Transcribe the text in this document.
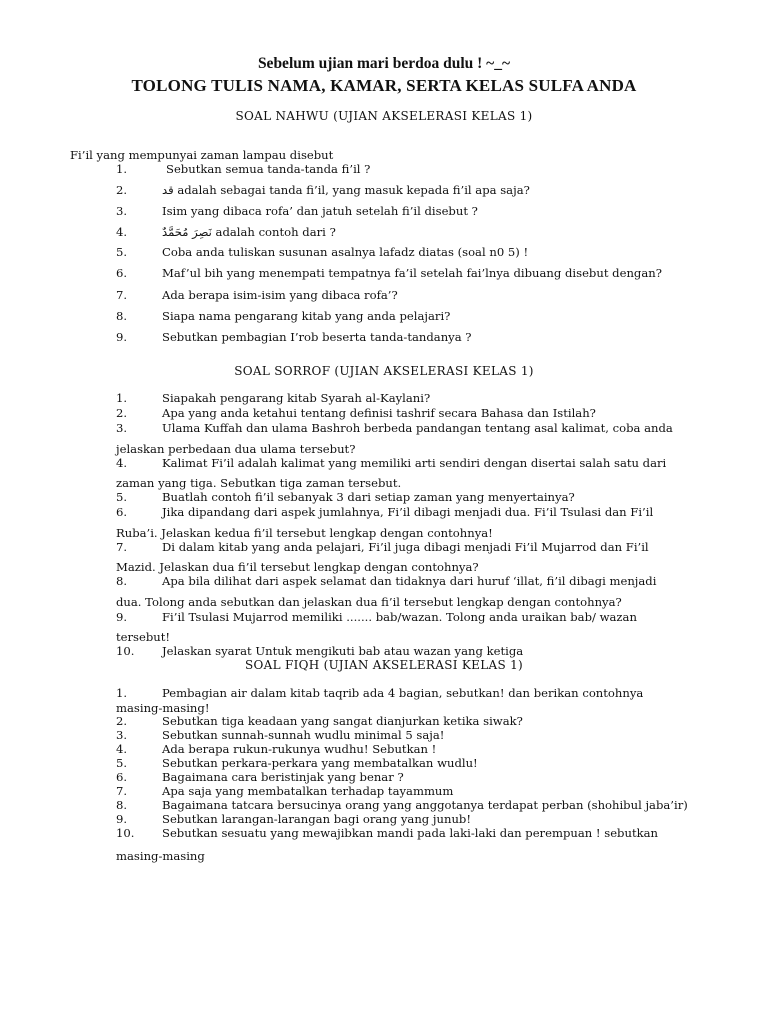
Sebelum ujian mari berdoa dulu ! ~_~
TOLONG TULIS NAMA, KAMAR, SERTA KELAS SULFA ANDA
SOAL NAHWU (UJIAN AKSELERASI KELAS 1)
Fi’il yang mempunyai zaman lampau disebut
1.	Sebutkan semua tanda-tanda fi’il ?
2.	قد adalah sebagai tanda fi’il, yang masuk kepada fi’il apa saja?
3.	Isim yang dibaca rofa’ dan jatuh setelah fi’il disebut ?
4.	نَصِرَ مُحَمَّدٌ adalah contoh dari ?
5.	Coba anda tuliskan susunan asalnya lafadz diatas (soal n0 5) !
6.	Maf’ul bih yang menempati tempatnya fa’il setelah fai’lnya dibuang disebut dengan?
7.	Ada berapa isim-isim yang dibaca rofa’?
8.	Siapa nama pengarang kitab yang anda pelajari?
9.	Sebutkan pembagian I’rob beserta tanda-tandanya ?
SOAL SORROF (UJIAN AKSELERASI KELAS 1)
1.	Siapakah pengarang kitab Syarah al-Kaylani?
2.	Apa yang anda ketahui tentang definisi tashrif secara Bahasa dan Istilah?
3.	Ulama Kuffah dan ulama Bashroh berbeda pandangan tentang asal kalimat, coba anda
jelaskan perbedaan dua ulama tersebut?
4.	Kalimat Fi’il adalah kalimat yang memiliki arti sendiri dengan disertai salah satu dari
zaman yang tiga. Sebutkan tiga zaman tersebut.
5.	Buatlah contoh fi’il sebanyak 3 dari setiap zaman yang menyertainya?
6.	Jika dipandang dari aspek jumlahnya, Fi’il dibagi menjadi dua. Fi’il Tsulasi dan Fi’il
Ruba’i. Jelaskan kedua fi’il tersebut lengkap dengan contohnya!
7.	Di dalam kitab yang anda pelajari, Fi’il juga dibagi menjadi Fi’il Mujarrod dan Fi’il
Mazid. Jelaskan dua fi’il tersebut lengkap dengan contohnya?
8.	Apa bila dilihat dari aspek selamat dan tidaknya dari huruf ‘illat, fi’il dibagi menjadi
dua. Tolong anda sebutkan dan jelaskan dua fi’il tersebut lengkap dengan contohnya?
9.	Fi’il Tsulasi Mujarrod memiliki ....... bab/wazan. Tolong anda uraikan bab/ wazan
tersebut!
10. Jelaskan syarat Untuk mengikuti bab atau wazan yang ketiga
SOAL FIQH (UJIAN AKSELERASI KELAS 1)
1.	Pembagian air dalam kitab taqrib ada 4 bagian, sebutkan! dan berikan contohnya
masing-masing!
2.	Sebutkan tiga keadaan yang sangat dianjurkan ketika siwak?
3.	Sebutkan sunnah-sunnah wudlu minimal 5 saja!
4.	Ada berapa rukun-rukunya wudhu! Sebutkan !
5.	Sebutkan perkara-perkara yang membatalkan wudlu!
6.	Bagaimana cara beristinjak yang benar ?
7.	Apa saja yang membatalkan terhadap tayammum
8.	Bagaimana tatcara bersucinya orang yang anggotanya terdapat perban (shohibul jaba’ir)
9.	Sebutkan larangan-larangan bagi orang yang junub!
10. Sebutkan sesuatu yang mewajibkan mandi pada laki-laki dan perempuan ! sebutkan
masing-masing
